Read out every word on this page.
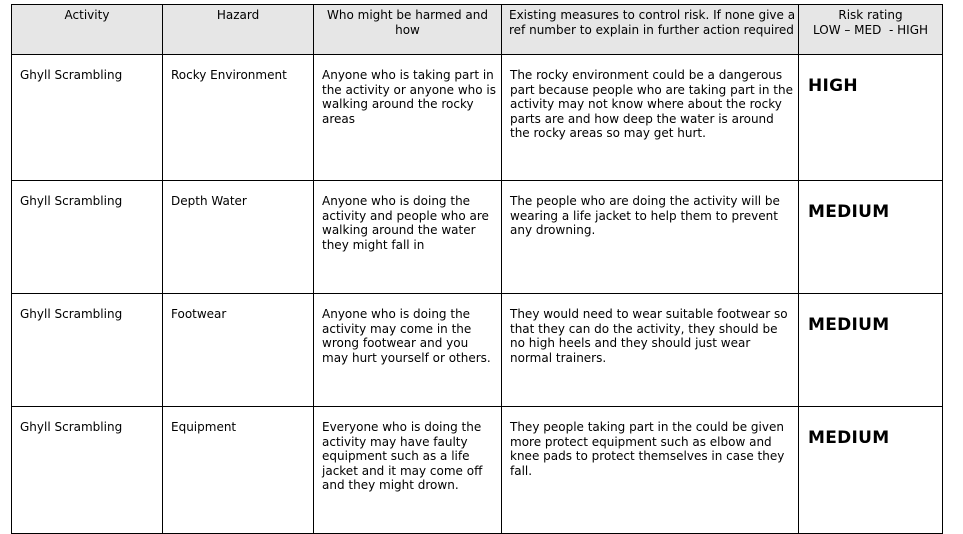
Activity	Hazard	Who might be harmed and how	Existing measures to control risk. If none give a ref number to explain in further action required	Risk rating
LOW – MED  - HIGH

Ghyll Scrambling	Rocky Environment	Anyone who is taking part in the activity or anyone who is walking around the rocky areas	The rocky environment could be a dangerous part because people who are taking part in the activity may not know where about the rocky parts are and how deep the water is around the rocky areas so may get hurt.	HIGH
Ghyll Scrambling	Depth Water	Anyone who is doing the activity and people who are walking around the water they might fall in	The people who are doing the activity will be wearing a life jacket to help them to prevent any drowning.	MEDIUM
Ghyll Scrambling	Footwear	Anyone who is doing the activity may come in the wrong footwear and you may hurt yourself or others.	They would need to wear suitable footwear so that they can do the activity, they should be no high heels and they should just wear normal trainers.	MEDIUM
Ghyll Scrambling	Equipment	Everyone who is doing the activity may have faulty equipment such as a life jacket and it may come off and they might drown.	They people taking part in the could be given more protect equipment such as elbow and knee pads to protect themselves in case they fall.	MEDIUM
